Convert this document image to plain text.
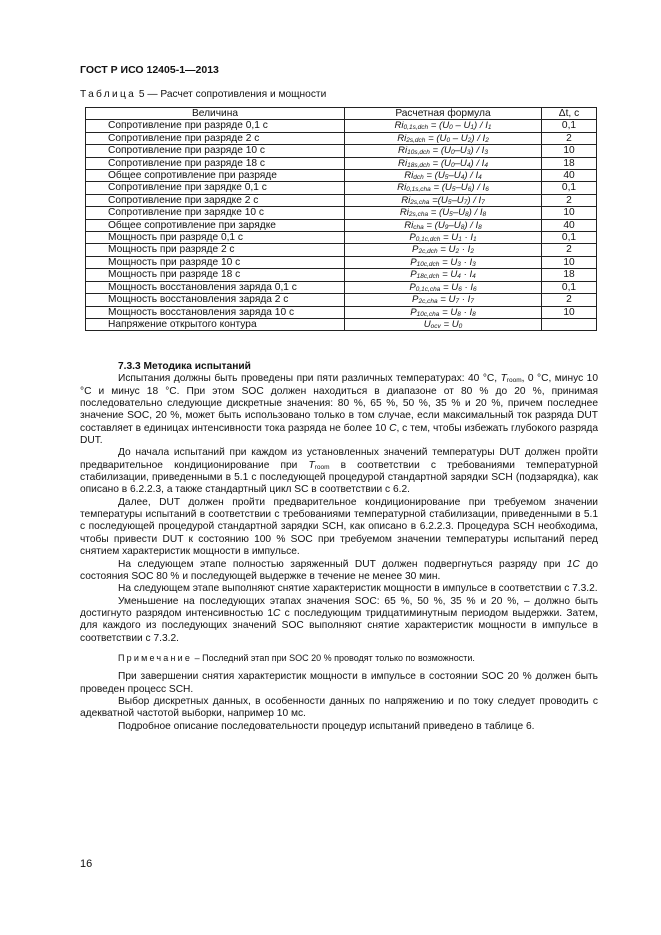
ГОСТ Р ИСО 12405-1—2013
Таблица 5 — Расчет сопротивления и мощности
Величина	Расчетная формула	Δt, с
Сопротивление при разряде 0,1 с	$Ri_{0,1s,dch} = (U_0 - U_1) / I_1$	0,1
Сопротивление при разряде 2 с	$Ri_{2s,dch} = (U_0 - U_2) / I_2$	2
Сопротивление при разряде 10 с	$Ri_{10s,dch} = (U_0-U_3) / I_3$	10
Сопротивление при разряде 18 с	$Ri_{18s,dch} = (U_0-U_4) / I_4$	18
Общее сопротивление при разряде	$Ri_{dch} = (U_5-U_4) / I_4$	40
Сопротивление при зарядке 0,1 с	$Ri_{0,1s,cha} = (U_5-U_6) / I_6$	0,1
Сопротивление при зарядке 2 с	$Ri_{2s,cha} =(U_5-U_7) / I_7$	2
Сопротивление при зарядке 10 с	$Ri_{2s,cha} = (U_5-U_8) / I_8$	10
Общее сопротивление при зарядке	$Ri_{cha} = (U_9-U_8) / I_8$	40
Мощность при разряде 0,1 с	$P_{0,1c,dch} = U_1 \cdot I_1$	0,1
Мощность при разряде 2 с	$P_{2c,dch} = U_2 \cdot I_2$	2
Мощность при разряде 10 с	$P_{10c,dch} = U_3 \cdot I_3$	10
Мощность при разряде 18 с	$P_{18c,dch} = U_4 \cdot I_4$	18
Мощность восстановления заряда 0,1 с	$P_{0,1c,cha} = U_6 \cdot I_6$	0,1
Мощность восстановления заряда 2 с	$P_{2c,cha} = U_7 \cdot I_7$	2
Мощность восстановления заряда 10 с	$P_{10c,cha} = U_8 \cdot I_8$	10
Напряжение открытого контура	$U_{ocv} = U_0$	
7.3.3 Методика испытаний

Испытания должны быть проведены при пяти различных температурах: 40 °С, $T_{room}$, 0 °С, минус 10 °С и минус 18 °С. При этом SOC должен находиться в диапазоне от 80 % до 20 %, принимая последовательно следующие дискретные значения: 80 %, 65 %, 50 %, 35 % и 20 %, причем последнее значение SOC, 20 %, может быть использовано только в том случае, если максимальный ток разряда DUT составляет в единицах интенсивности тока разряда не более 10 C, с тем, чтобы избежать глубокого разряда DUT.

До начала испытаний при каждом из установленных значений температуры DUT должен пройти предварительное кондиционирование при $T_{room}$ в соответствии с требованиями температурной стабилизации, приведенными в 5.1 с последующей процедурой стандартной зарядки SCH (подзарядка), как описано в 6.2.2.3, а также стандартный цикл SC в соответствии с 6.2.

Далее, DUT должен пройти предварительное кондиционирование при требуемом значении температуры испытаний в соответствии с требованиями температурной стабилизации, приведенными в 5.1 с последующей процедурой стандартной зарядки SCH, как описано в 6.2.2.3. Процедура SCH необходима, чтобы привести DUT к состоянию 100 % SOC при требуемом значении температуры испытаний перед снятием характеристик мощности в импульсе.

На следующем этапе полностью заряженный DUT должен подвергнуться разряду при 1C до состояния SOC 80 % и последующей выдержке в течение не менее 30 мин.

На следующем этапе выполняют снятие характеристик мощности в импульсе в соответствии с 7.3.2.

Уменьшение на последующих этапах значения SOC: 65 %, 50 %, 35 % и 20 %, – должно быть достигнуто разрядом интенсивностью 1C с последующим тридцатиминутным периодом выдержки. Затем, для каждого из последующих значений SOC выполняют снятие характеристик мощности в импульсе в соответствии с 7.3.2.

Примечание – Последний этап при SOC 20 % проводят только по возможности.

При завершении снятия характеристик мощности в импульсе в состоянии SOC 20 % должен быть проведен процесс SCH.

Выбор дискретных данных, в особенности данных по напряжению и по току следует проводить с адекватной частотой выборки, например 10 мс.

Подробное описание последовательности процедур испытаний приведено в таблице 6.

16
